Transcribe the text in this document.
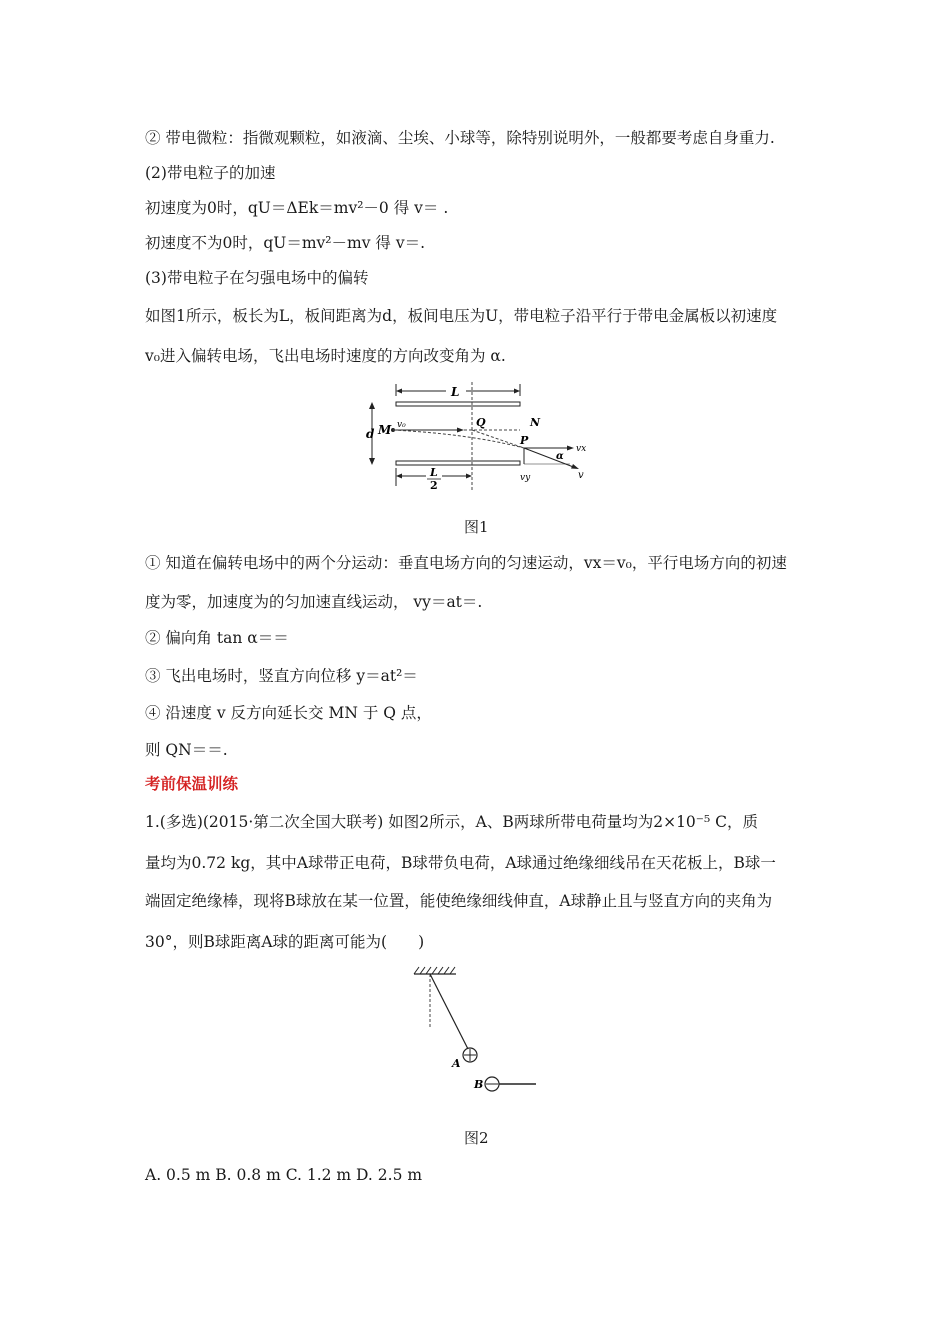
② 带电微粒：指微观颗粒，如液滴、尘埃、小球等，除特别说明外，一般都要考虑自身重力.
(2)带电粒子的加速
初速度为0时，qU＝ΔEk＝mv²－0 得 v＝ .
初速度不为0时，qU＝mv²－mv 得 v＝.
(3)带电粒子在匀强电场中的偏转
如图1所示，板长为L，板间距离为d，板间电压为U，带电粒子沿平行于带电金属板以初速度
v₀进入偏转电场，飞出电场时速度的方向改变角为 α.
① 知道在偏转电场中的两个分运动：垂直电场方向的匀速运动，vx＝v₀，平行电场方向的初速
度为零，加速度为的匀加速直线运动， vy＝at＝.
② 偏向角 tan α＝＝
③ 飞出电场时，竖直方向位移 y＝at²＝
④ 沿速度 v 反方向延长交 MN 于 Q 点，
则 QN＝＝.
1.(多选)(2015·第二次全国大联考) 如图2所示，A、B两球所带电荷量均为2×10⁻⁵ C，质
量均为0.72 kg，其中A球带正电荷，B球带负电荷，A球通过绝缘细线吊在天花板上，B球一
端固定绝缘棒，现将B球放在某一位置，能使绝缘细线伸直，A球静止且与竖直方向的夹角为
30°，则B球距离A球的距离可能为(　　)
A. 0.5 m B. 0.8 m C. 1.2 m D. 2.5 m
考前保温训练
L
d M v₀	Q	N
P
vx
vy	v
α
L
2
图1
A
B
图2
